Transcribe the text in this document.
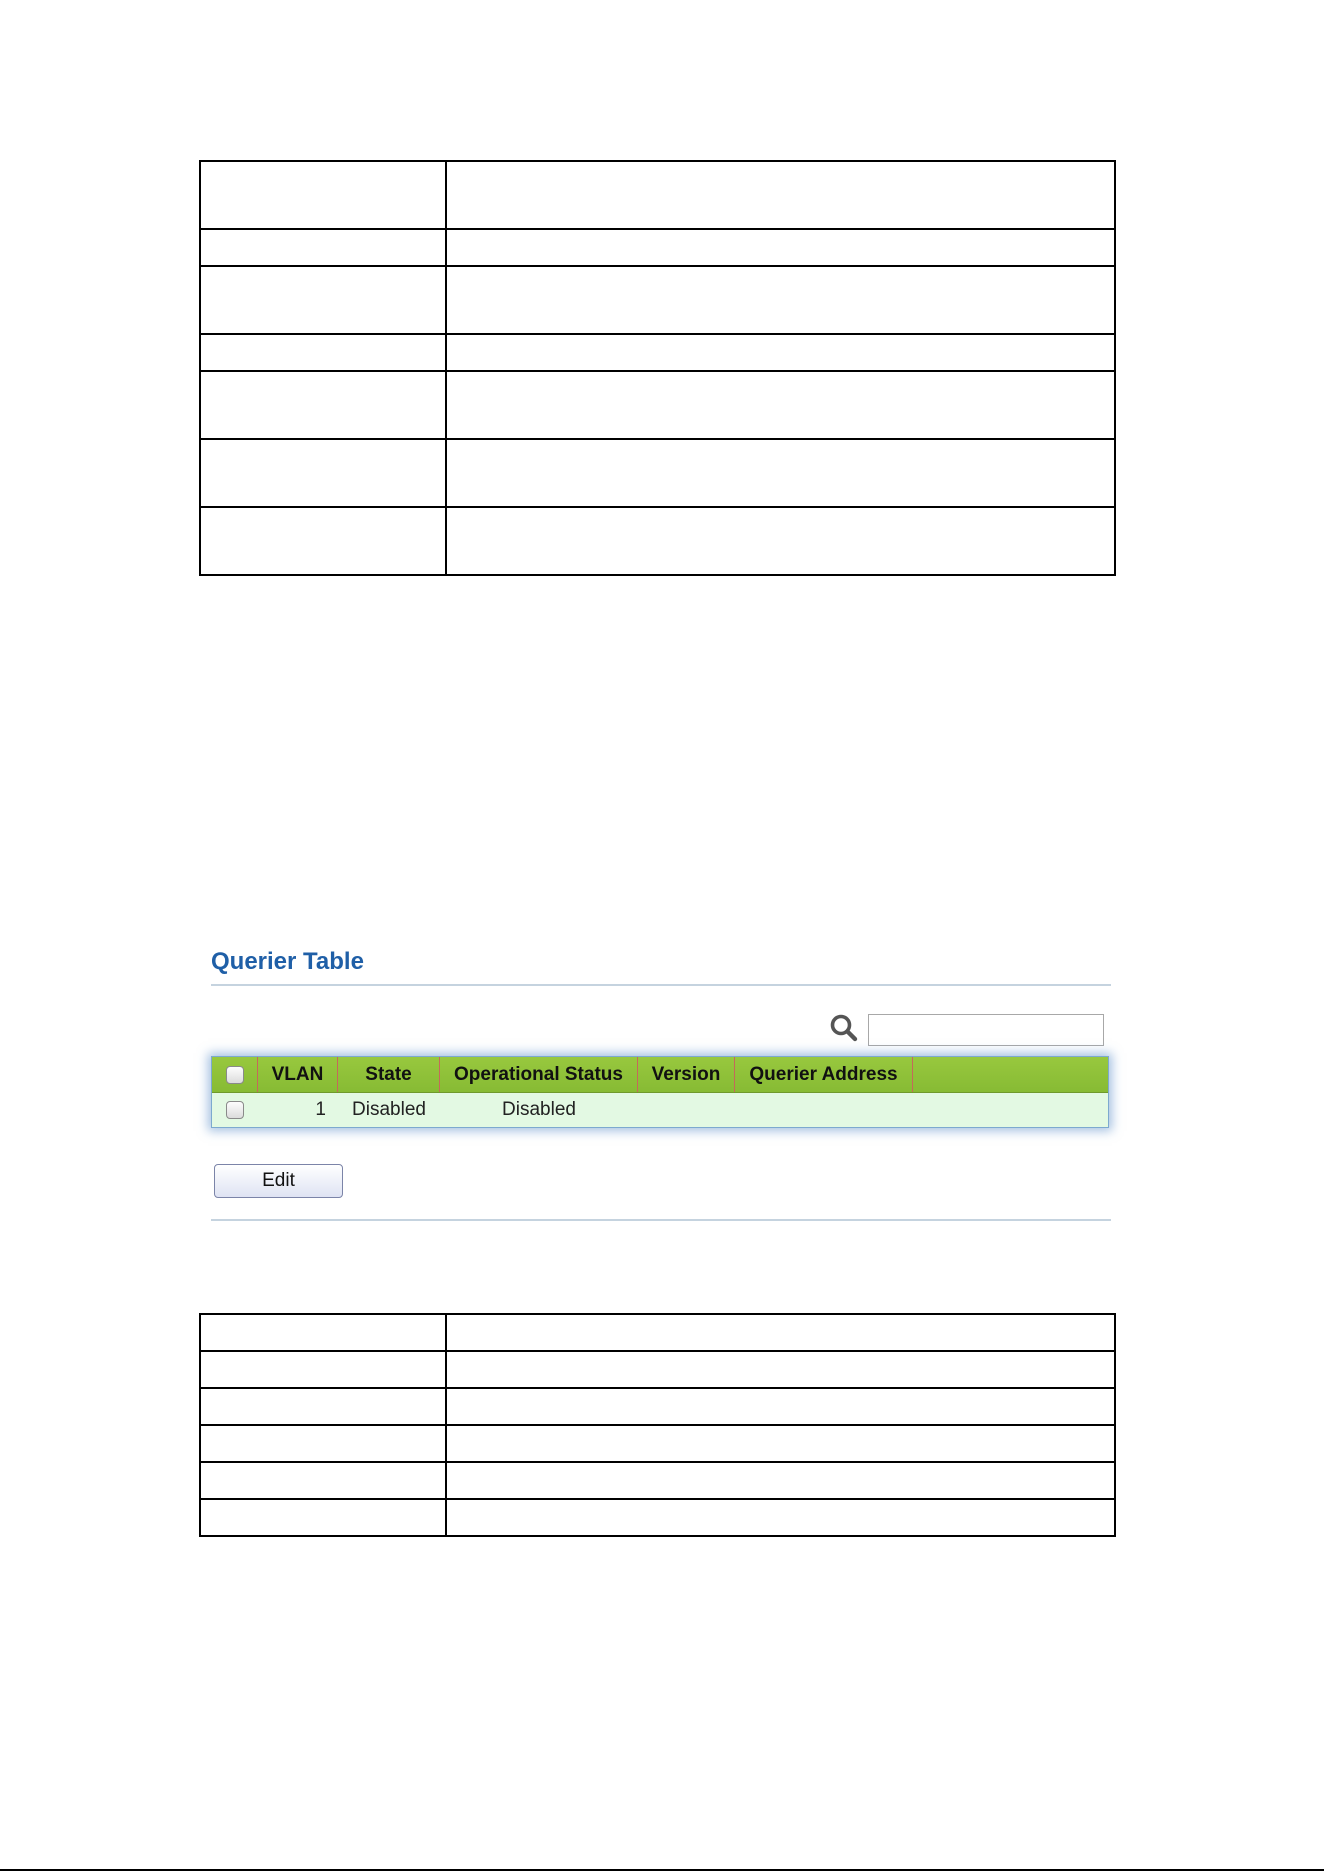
Querier Table
VLAN	State	Operational Status	Version	Querier Address
1	Disabled	Disabled
Edit
